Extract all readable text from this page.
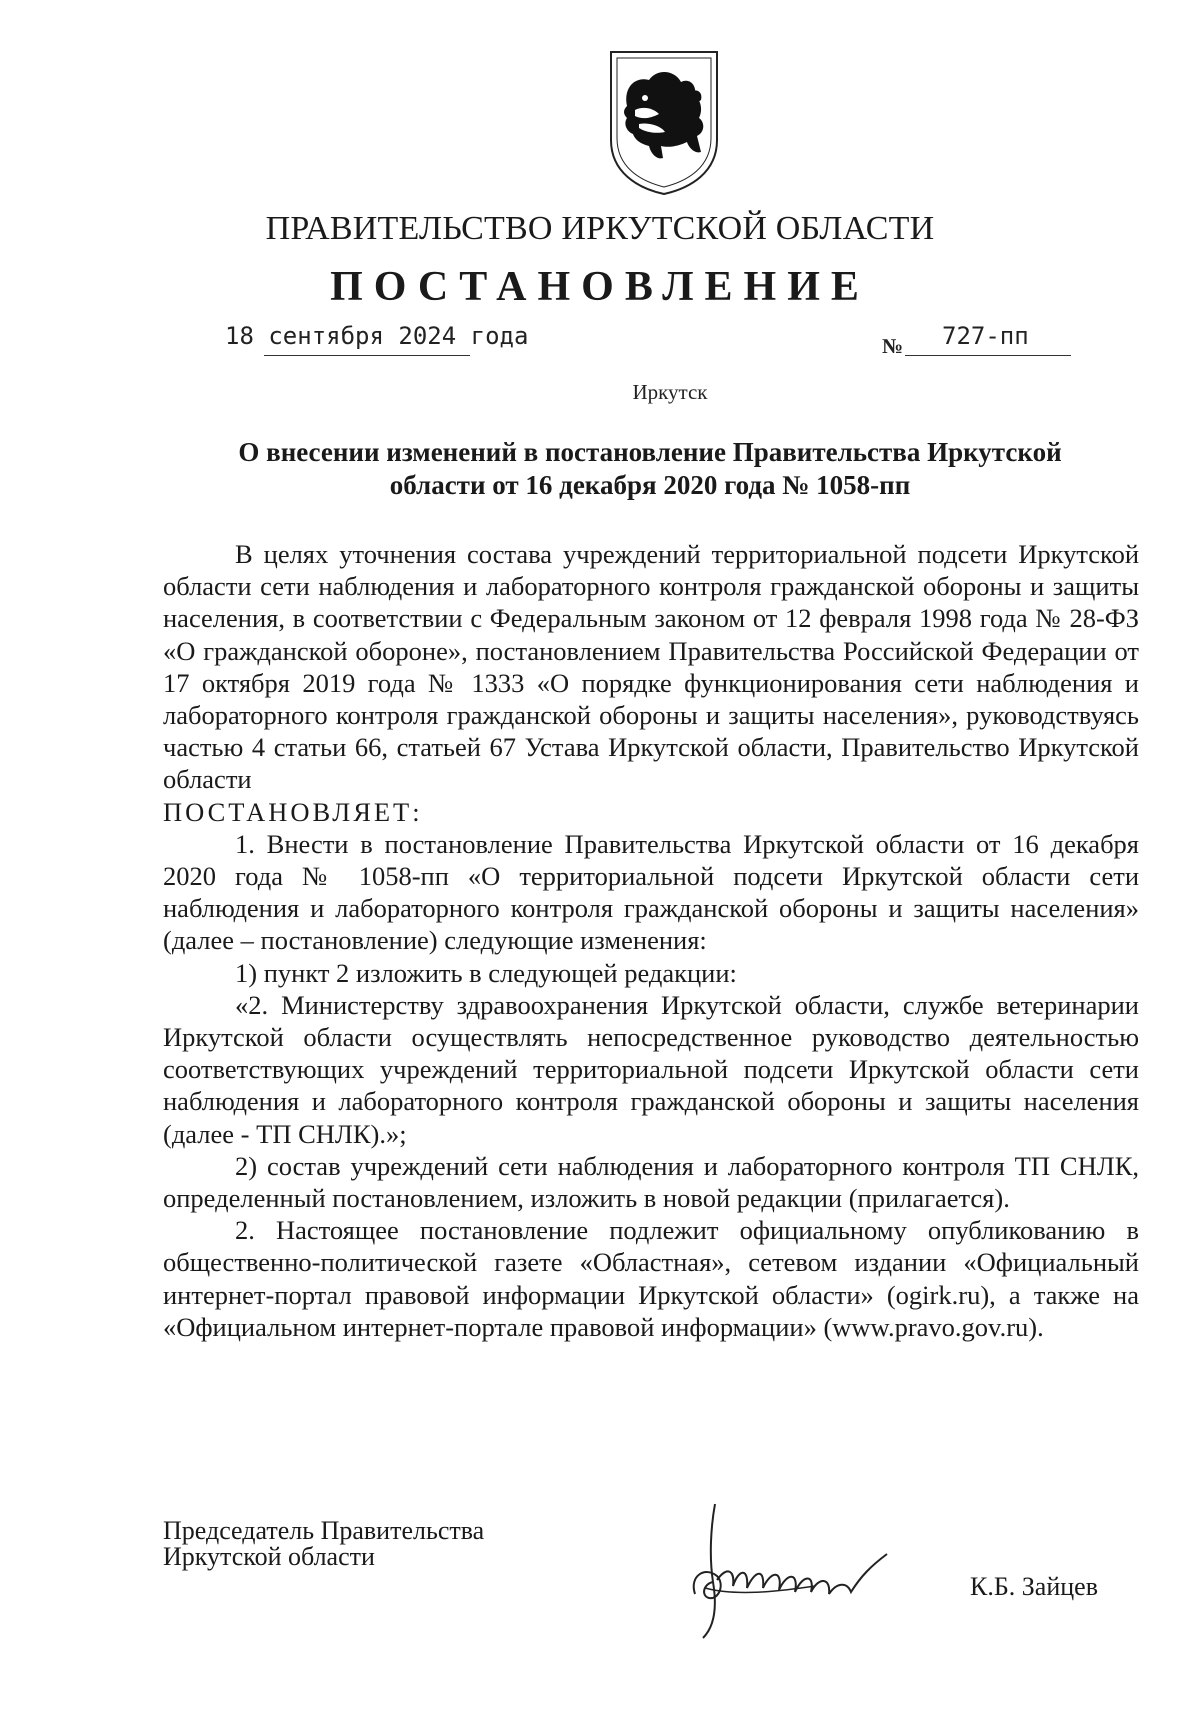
ПРАВИТЕЛЬСТВО ИРКУТСКОЙ ОБЛАСТИ
ПОСТАНОВЛЕНИЕ
18 сентября 2024 года	№ 727-пп
Иркутск
О внесении изменений в постановление Правительства Иркутской
области от 16 декабря 2020 года № 1058-пп

В целях уточнения состава учреждений территориальной подсети Иркутской области сети наблюдения и лабораторного контроля гражданской обороны и защиты населения, в соответствии с Федеральным законом от 12 февраля 1998 года № 28-ФЗ «О гражданской обороне», постановлением Правительства Российской Федерации от 17 октября 2019 года № 1333 «О порядке функционирования сети наблюдения и лабораторного контроля гражданской обороны и защиты населения», руководствуясь частью 4 статьи 66, статьей 67 Устава Иркутской области, Правительство Иркутской области

ПОСТАНОВЛЯЕТ:

1. Внести в постановление Правительства Иркутской области от 16 декабря 2020 года № 1058-пп «О территориальной подсети Иркутской области сети наблюдения и лабораторного контроля гражданской обороны и защиты населения» (далее – постановление) следующие изменения:

1) пункт 2 изложить в следующей редакции:

«2. Министерству здравоохранения Иркутской области, службе ветеринарии Иркутской области осуществлять непосредственное руководство деятельностью соответствующих учреждений территориальной подсети Иркутской области сети наблюдения и лабораторного контроля гражданской обороны и защиты населения (далее - ТП СНЛК).»;

2) состав учреждений сети наблюдения и лабораторного контроля ТП СНЛК, определенный постановлением, изложить в новой редакции (прилагается).

2. Настоящее постановление подлежит официальному опубликованию в общественно-политической газете «Областная», сетевом издании «Официальный интернет-портал правовой информации Иркутской области» (ogirk.ru), а также на «Официальном интернет-портале правовой информации» (www.pravo.gov.ru).

Председатель Правительства
Иркутской области
К.Б. Зайцев
